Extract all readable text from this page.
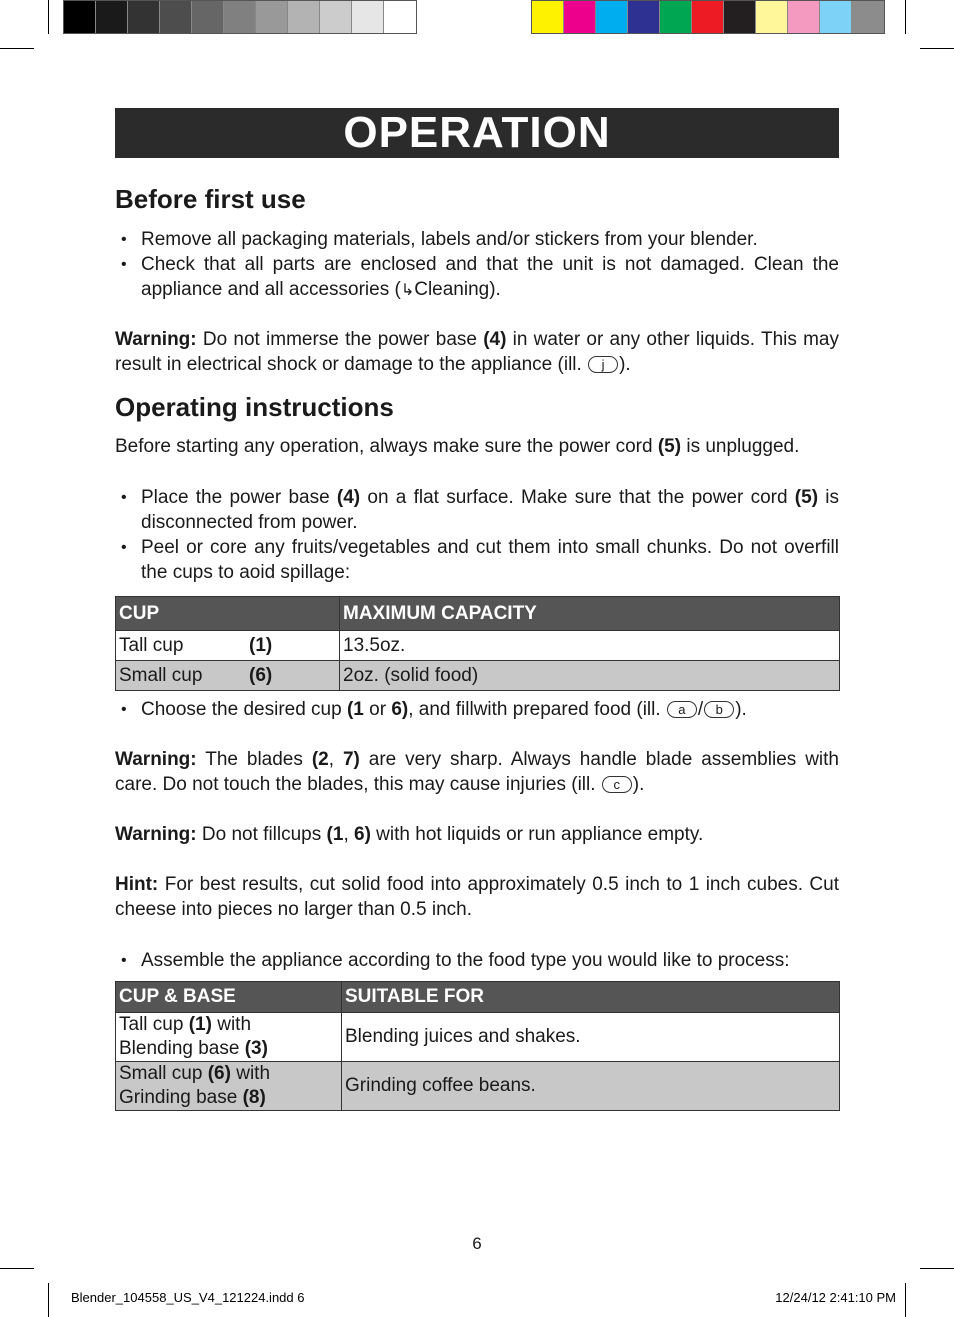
OPERATION
Before first use
• Remove all packaging materials, labels and/or stickers from your blender.
• Check that all parts are enclosed and that the unit is not damaged. Clean the appliance and all accessories (↳Cleaning).

Warning: Do not immerse the power base (4) in water or any other liquids. This may result in electrical shock or damage to the appliance (ill. j ).

Operating instructions

Before starting any operation, always make sure the power cord (5) is unplugged.

• Place the power base (4) on a flat surface. Make sure that the power cord (5) is disconnected from power.
• Peel or core any fruits/vegetables and cut them into small chunks. Do not overfill the cups to aoid spillage:
CUP	MAXIMUM CAPACITY
Tall cup (1)	13.5oz.
Small cup (6)	2oz. (solid food)
• Choose the desired cup (1 or 6), and fillwith prepared food (ill. a / b ).

Warning: The blades (2, 7) are very sharp. Always handle blade assemblies with care. Do not touch the blades, this may cause injuries (ill. c ).

Warning: Do not fillcups (1, 6) with hot liquids or run appliance empty.

Hint: For best results, cut solid food into approximately 0.5 inch to 1 inch cubes. Cut cheese into pieces no larger than 0.5 inch.

• Assemble the appliance according to the food type you would like to process:
CUP & BASE	SUITABLE FOR
Tall cup (1) with
Blending base (3)	Blending juices and shakes.
Small cup (6) with
Grinding base (8)	Grinding coffee beans.
6
Blender_104558_US_V4_121224.indd 6	12/24/12 2:41:10 PM
